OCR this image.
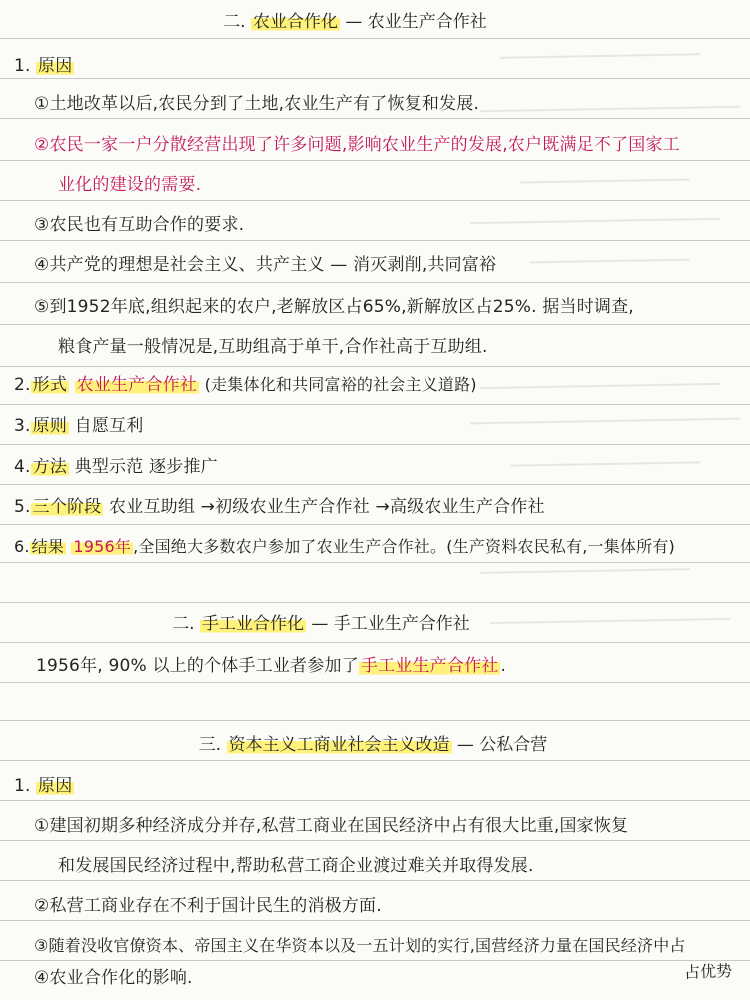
二. 农业合作化 — 农业生产合作社
1. 原因
①土地改革以后,农民分到了土地,农业生产有了恢复和发展.
②农民一家一户分散经营出现了许多问题,影响农业生产的发展,农户既满足不了国家工
业化的建设的需要.
③农民也有互助合作的要求.
④共产党的理想是社会主义、共产主义 — 消灭剥削,共同富裕
⑤到1952年底,组织起来的农户,老解放区占65%,新解放区占25%. 据当时调查,
粮食产量一般情况是,互助组高于单干,合作社高于互助组.
2. 形式 农业生产合作社 (走集体化和共同富裕的社会主义道路)
3. 原则 自愿互利
4. 方法 典型示范 逐步推广
5. 三个阶段 农业互助组 →初级农业生产合作社 →高级农业生产合作社
6. 结果 1956年 ,全国绝大多数农户参加了农业生产合作社。(生产资料农民私有,一集体所有)
二. 手工业合作化 — 手工业生产合作社
1956年, 90% 以上的个体手工业者参加了 手工业生产合作社 .
三. 资本主义工商业社会主义改造 — 公私合营
1. 原因
①建国初期多种经济成分并存,私营工商业在国民经济中占有很大比重,国家恢复
和发展国民经济过程中,帮助私营工商企业渡过难关并取得发展.
②私营工商业存在不利于国计民生的消极方面.
③随着没收官僚资本、帝国主义在华资本以及一五计划的实行,国营经济力量在国民经济中占
④农业合作化的影响.	占优势
